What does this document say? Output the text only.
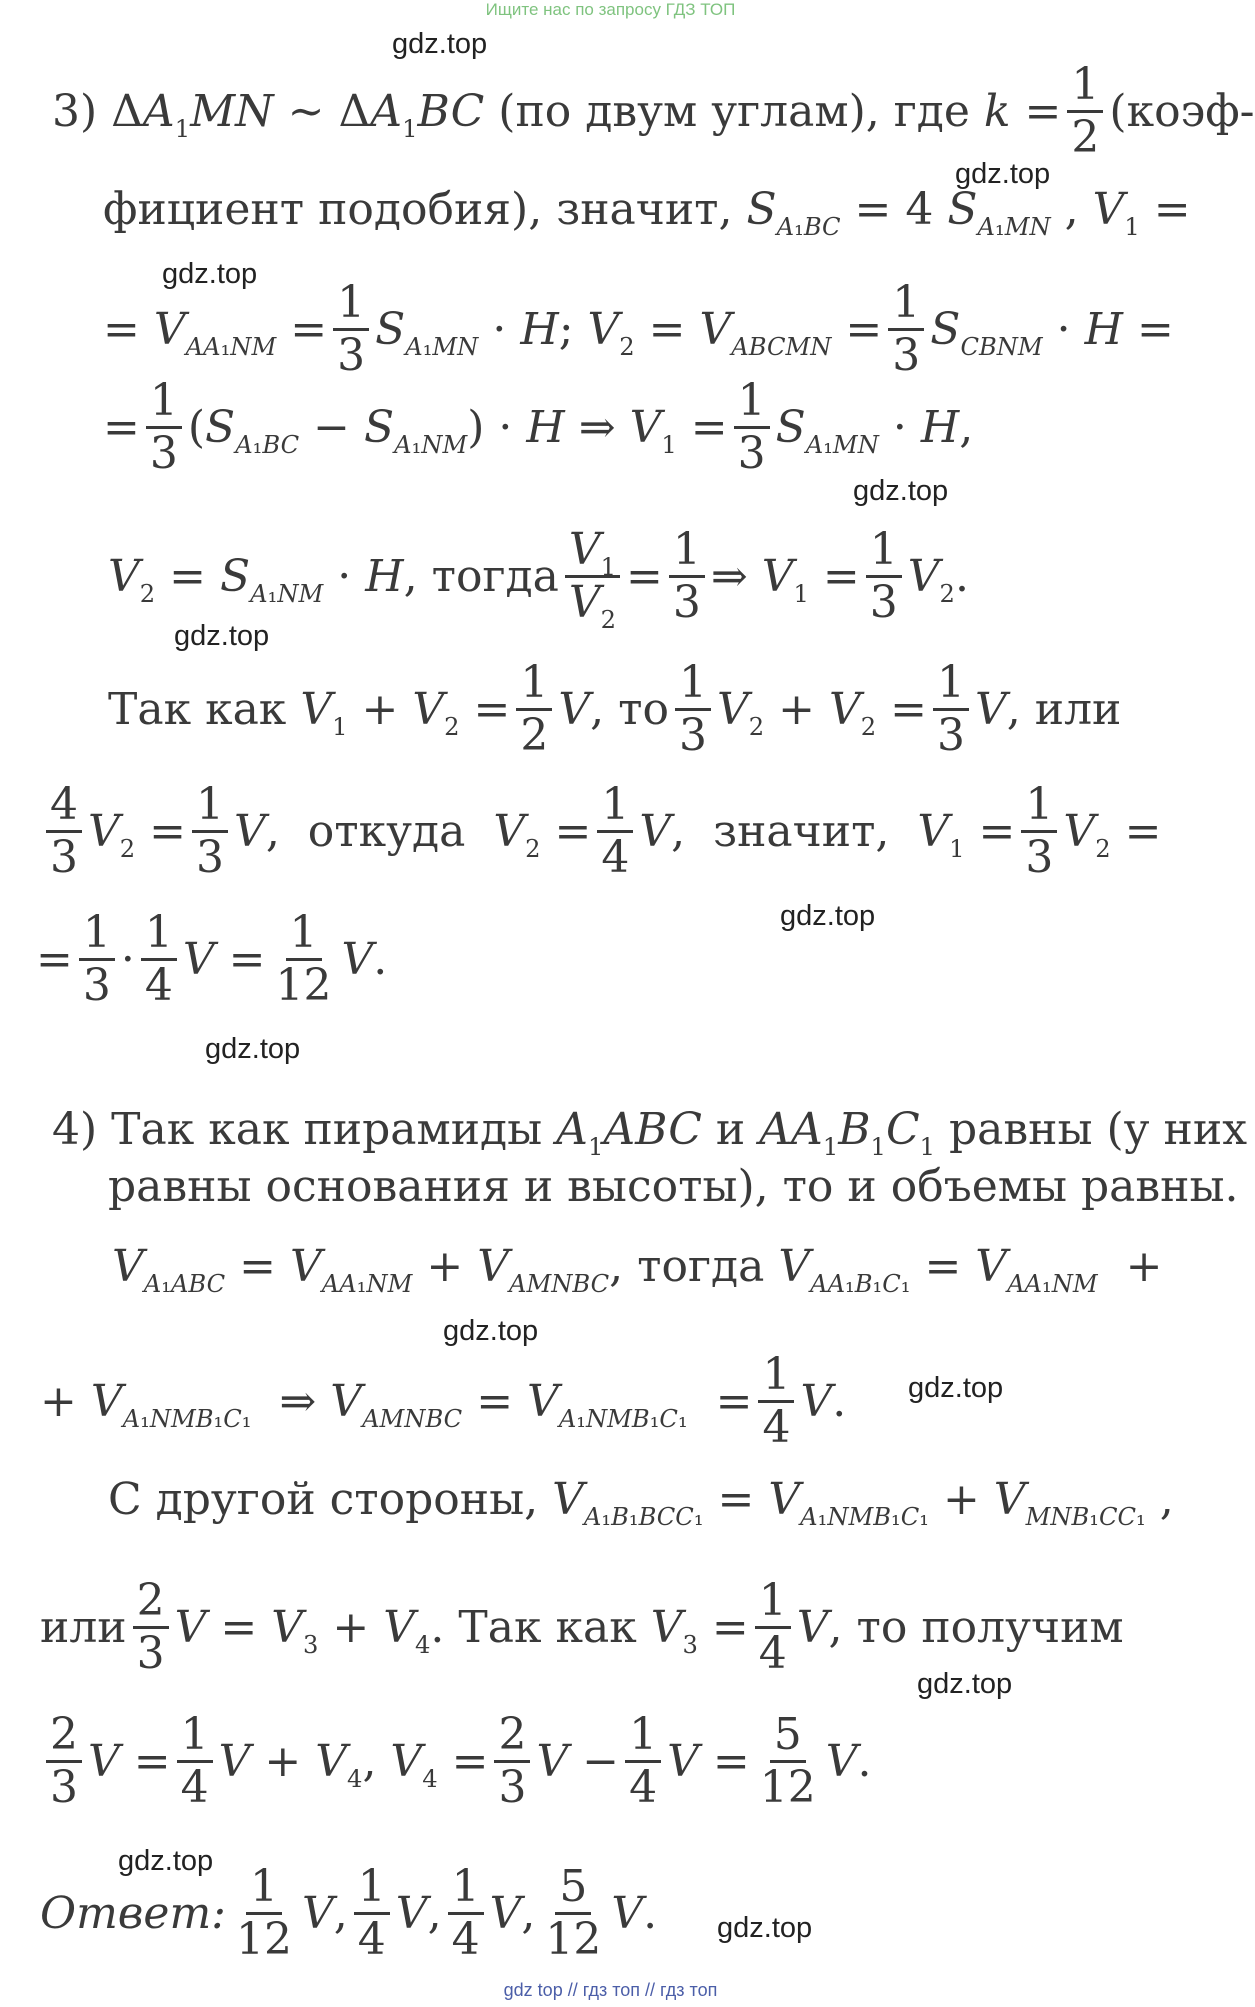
Ищите нас по запросу ГДЗ ТОП
gdz.top
gdz.top
gdz.top
gdz.top
gdz.top
gdz.top
gdz.top
gdz.top
gdz.top
gdz.top
gdz.top
gdz.top
3) $\Delta A_1MN$ ~ $\Delta A_1BC$ (по двум углам), где $k = \frac{1}{2}$ (коэф-
фициент подобия), значит, $S_{A_1BC} = 4$ $S_{A_1MN}$ , $V_1$ =
= $V_{AA_1NM} = \frac{1}{3} S_{A_1MN} \cdot H$; $V_2 = V_{ABCMN} = \frac{1}{3} S_{CBNM} \cdot H$ =
= $\frac{1}{3} (S_{A_1BC} - S_{A_1NM}) \cdot H$ ⇒ $V_1 = \frac{1}{3} S_{A_1MN} \cdot H$,
$V_2 = S_{A_1NM} \cdot H$, тогда $\frac{V_1}{V_2} = \frac{1}{3}$ ⇒ $V_1 = \frac{1}{3} V_2$.
Так как $V_1 + V_2 = \frac{1}{2} V$, то $\frac{1}{3} V_2 + V_2 = \frac{1}{3} V$, или
$\frac{4}{3} V_2 = \frac{1}{3} V$, откуда $V_2 = \frac{1}{4} V$, значит, $V_1 = \frac{1}{3} V_2$ =
= $\frac{1}{3} \cdot \frac{1}{4}$ $V = \frac{1}{12} V$.
4) Так как пирамиды $A_1ABC$ и $AA_1B_1C_1$ равны (у них
равны основания и высоты), то и объемы равны.
$V_{A_1ABC} = V_{AA_1NM} + V_{AMNBC}$, тогда $V_{AA_1B_1C_1} = V_{AA_1NM}$  +
+ $V_{A_1NMB_1C_1}$  ⇒ $V_{AMNBC} = V_{A_1NMB_1C_1} = \frac{1}{4} V$.
С другой стороны, $V_{A_1B_1BCC_1} = V_{A_1NMB_1C_1} + V_{MNB_1CC_1}$ ,
или $\frac{2}{3}$ $V = V_3 + V_4$. Так как $V_3 = \frac{1}{4} V$, то получим
$\frac{2}{3}$ $V = \frac{1}{4}$ $V + V_4$, $V_4 = \frac{2}{3}$ $V - \frac{1}{4}$ $V = \frac{5}{12} V$.
Ответ: $\frac{1}{12} V$, $\frac{1}{4} V$, $\frac{1}{4} V$, $\frac{5}{12} V$.
gdz top // гдз топ // гдз топ
